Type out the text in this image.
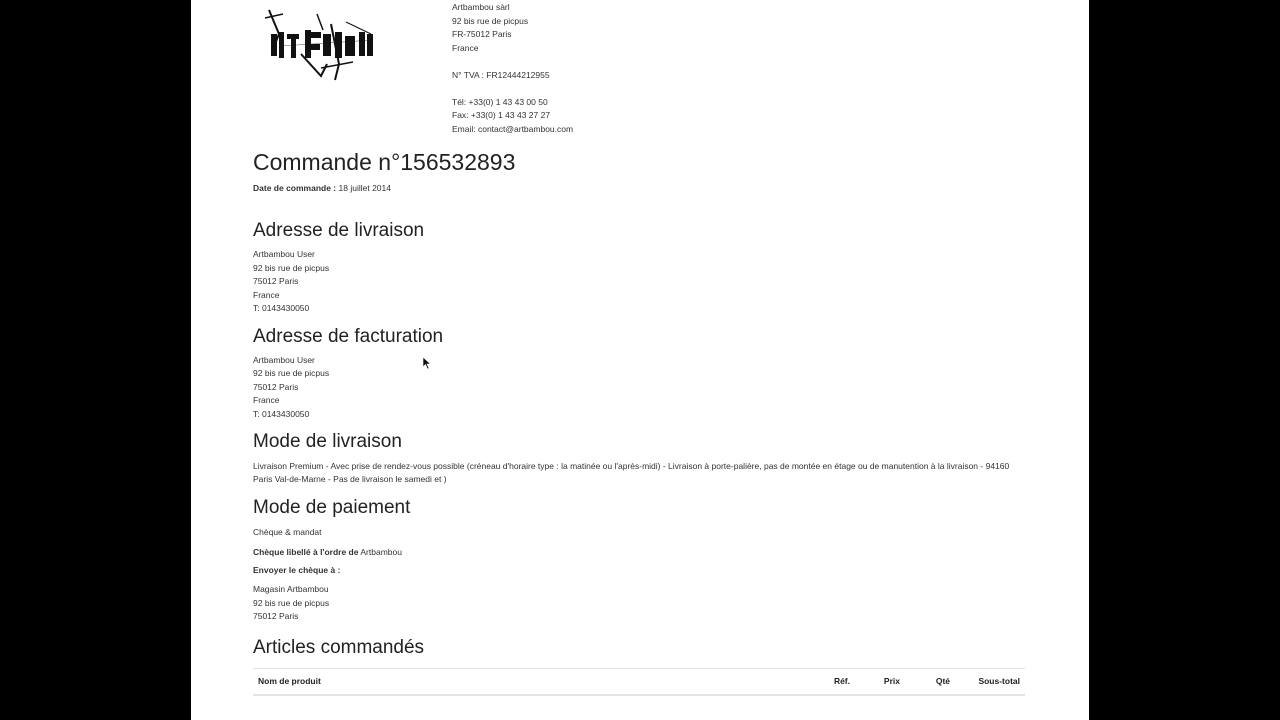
Artbambou sàrl
92 bis rue de picpus
FR-75012 Paris
France
N° TVA : FR12444212955
Tél: +33(0) 1 43 43 00 50
Fax: +33(0) 1 43 43 27 27
Email: contact@artbambou.com
Commande n°156532893
Date de commande : 18 juillet 2014
Adresse de livraison
Artbambou User
92 bis rue de picpus
75012 Paris
France
T: 0143430050
Adresse de facturation
Artbambou User
92 bis rue de picpus
75012 Paris
France
T: 0143430050
Mode de livraison
Livraison Premium - Avec prise de rendez-vous possible (créneau d'horaire type : la matinée ou l'après-midi) - Livraison à porte-palière, pas de montée en étage ou de manutention à la livraison - 94160 Paris Val-de-Marne - Pas de livraison le samedi et )
Mode de paiement
Chèque & mandat
Chèque libellé à l'ordre de Artbambou
Envoyer le chèque à :
Magasin Artbambou
92 bis rue de picpus
75012 Paris
Articles commandés
Nom de produit	Réf.	Prix	Qté	Sous-total
